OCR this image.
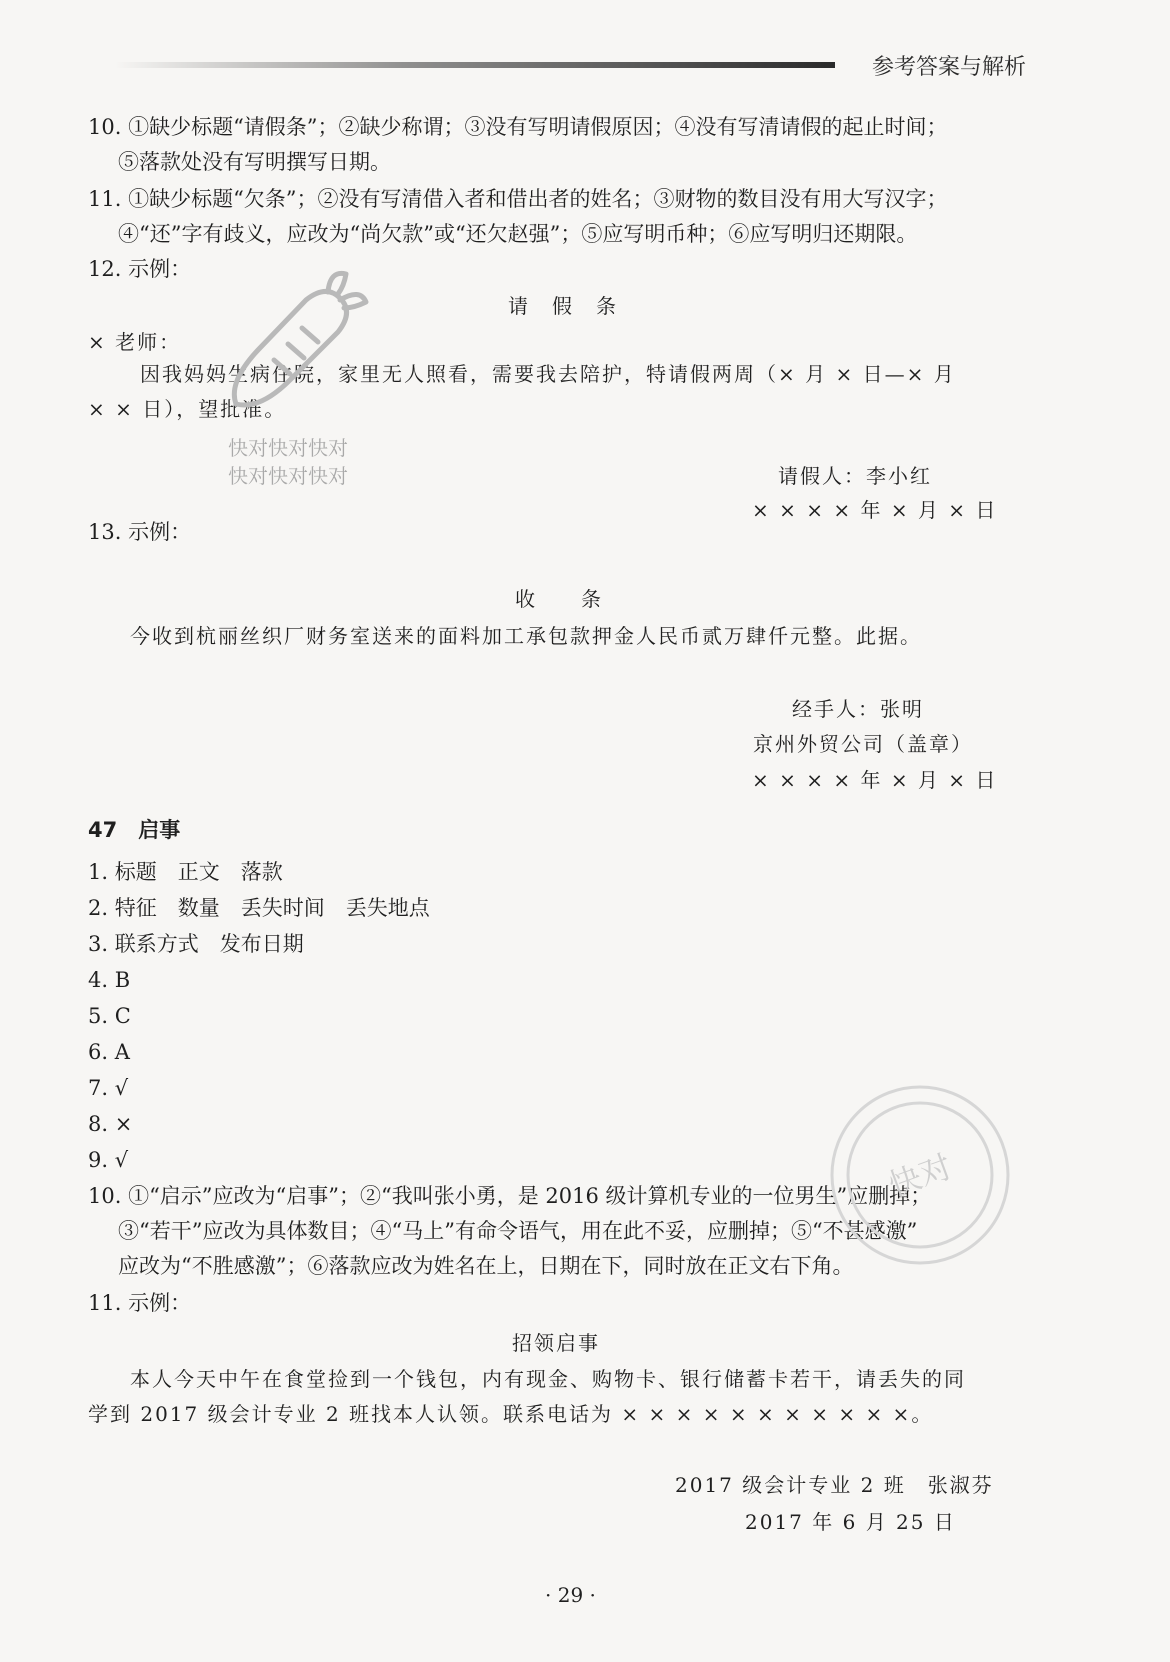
参考答案与解析
10. ①缺少标题“请假条”；②缺少称谓；③没有写明请假原因；④没有写清请假的起止时间；
⑤落款处没有写明撰写日期。
11. ①缺少标题“欠条”；②没有写清借入者和借出者的姓名；③财物的数目没有用大写汉字；
④“还”字有歧义，应改为“尚欠款”或“还欠赵强”；⑤应写明币种；⑥应写明归还期限。
12. 示例：
请　假　条
× 老师：
因我妈妈生病住院，家里无人照看，需要我去陪护，特请假两周（× 月 × 日—× 月
× × 日），望批准。
请假人：李小红
× × × × 年 × 月 × 日
快对快对快对
快对快对快对
13. 示例：
收　　条
今收到杭丽丝织厂财务室送来的面料加工承包款押金人民币贰万肆仟元整。此据。
经手人：张明
京州外贸公司（盖章）
× × × × 年 × 月 × 日
47　启事
1. 标题　正文　落款
2. 特征　数量　丢失时间　丢失地点
3. 联系方式　发布日期
4. B
5. C
6. A
7. √
8. ×
9. √
10. ①“启示”应改为“启事”；②“我叫张小勇，是 2016 级计算机专业的一位男生”应删掉；
③“若干”应改为具体数目；④“马上”有命令语气，用在此不妥，应删掉；⑤“不甚感激”
应改为“不胜感激”；⑥落款应改为姓名在上，日期在下，同时放在正文右下角。
11. 示例：
快对
招领启事
本人今天中午在食堂捡到一个钱包，内有现金、购物卡、银行储蓄卡若干，请丢失的同
学到 2017 级会计专业 2 班找本人认领。联系电话为 × × × × × × × × × × ×。
2017 级会计专业 2 班　张淑芬
2017 年 6 月 25 日
· 29 ·
